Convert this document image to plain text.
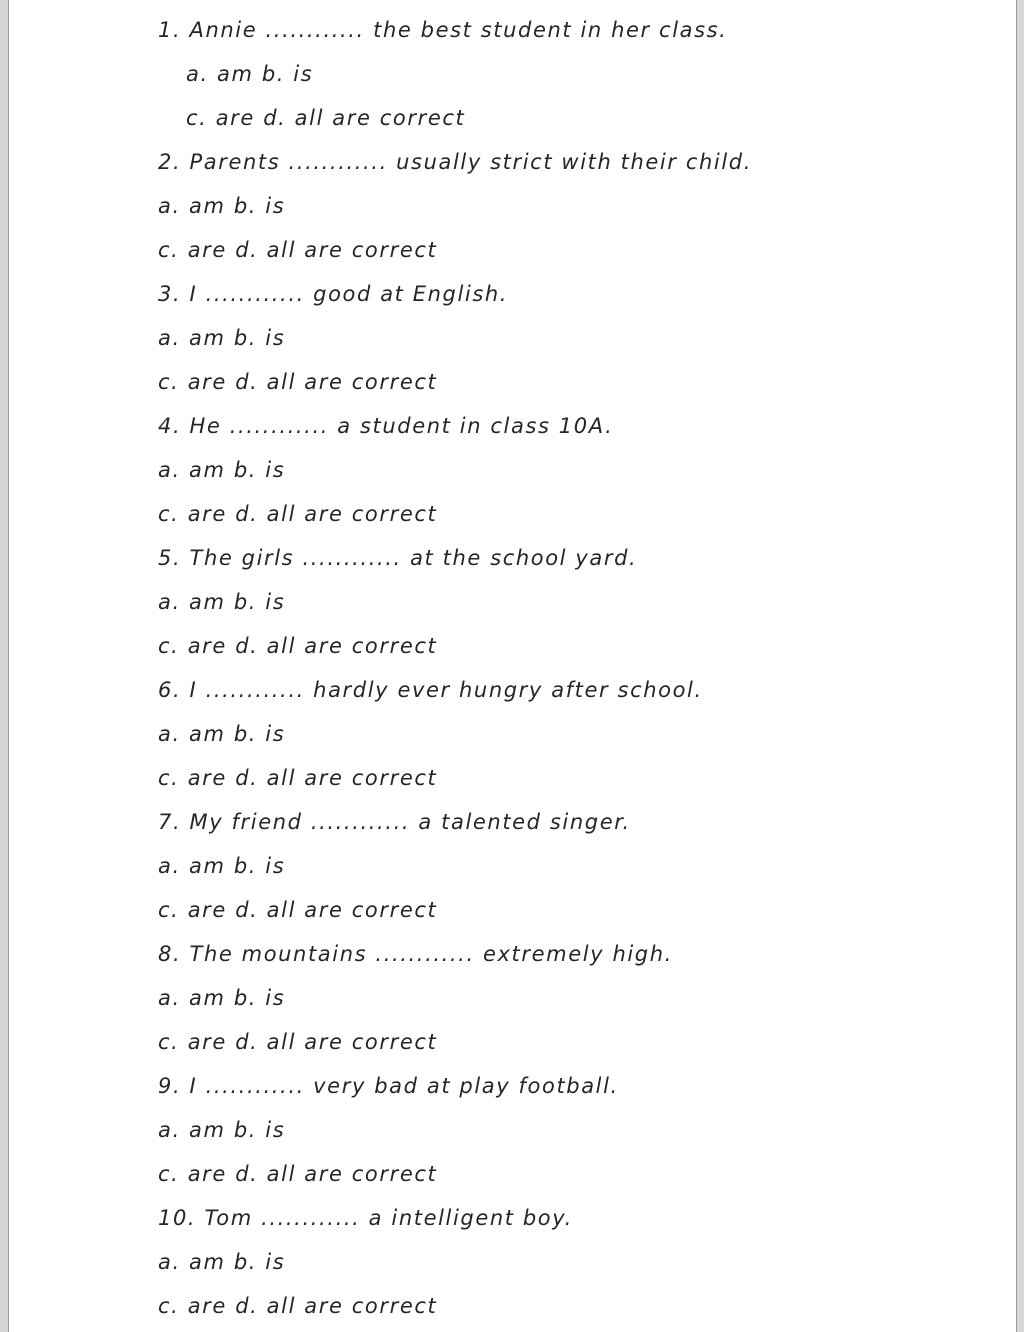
1. Annie ............ the best student in her class.
a. am b. is
c. are d. all are correct
2. Parents ............ usually strict with their child.
a. am b. is
c. are d. all are correct
3. I ............ good at English.
a. am b. is
c. are d. all are correct
4. He ............ a student in class 10A.
a. am b. is
c. are d. all are correct
5. The girls ............ at the school yard.
a. am b. is
c. are d. all are correct
6. I ............ hardly ever hungry after school.
a. am b. is
c. are d. all are correct
7. My friend ............ a talented singer.
a. am b. is
c. are d. all are correct
8. The mountains ............ extremely high.
a. am b. is
c. are d. all are correct
9. I ............ very bad at play football.
a. am b. is
c. are d. all are correct
10. Tom ............ a intelligent boy.
a. am b. is
c. are d. all are correct
